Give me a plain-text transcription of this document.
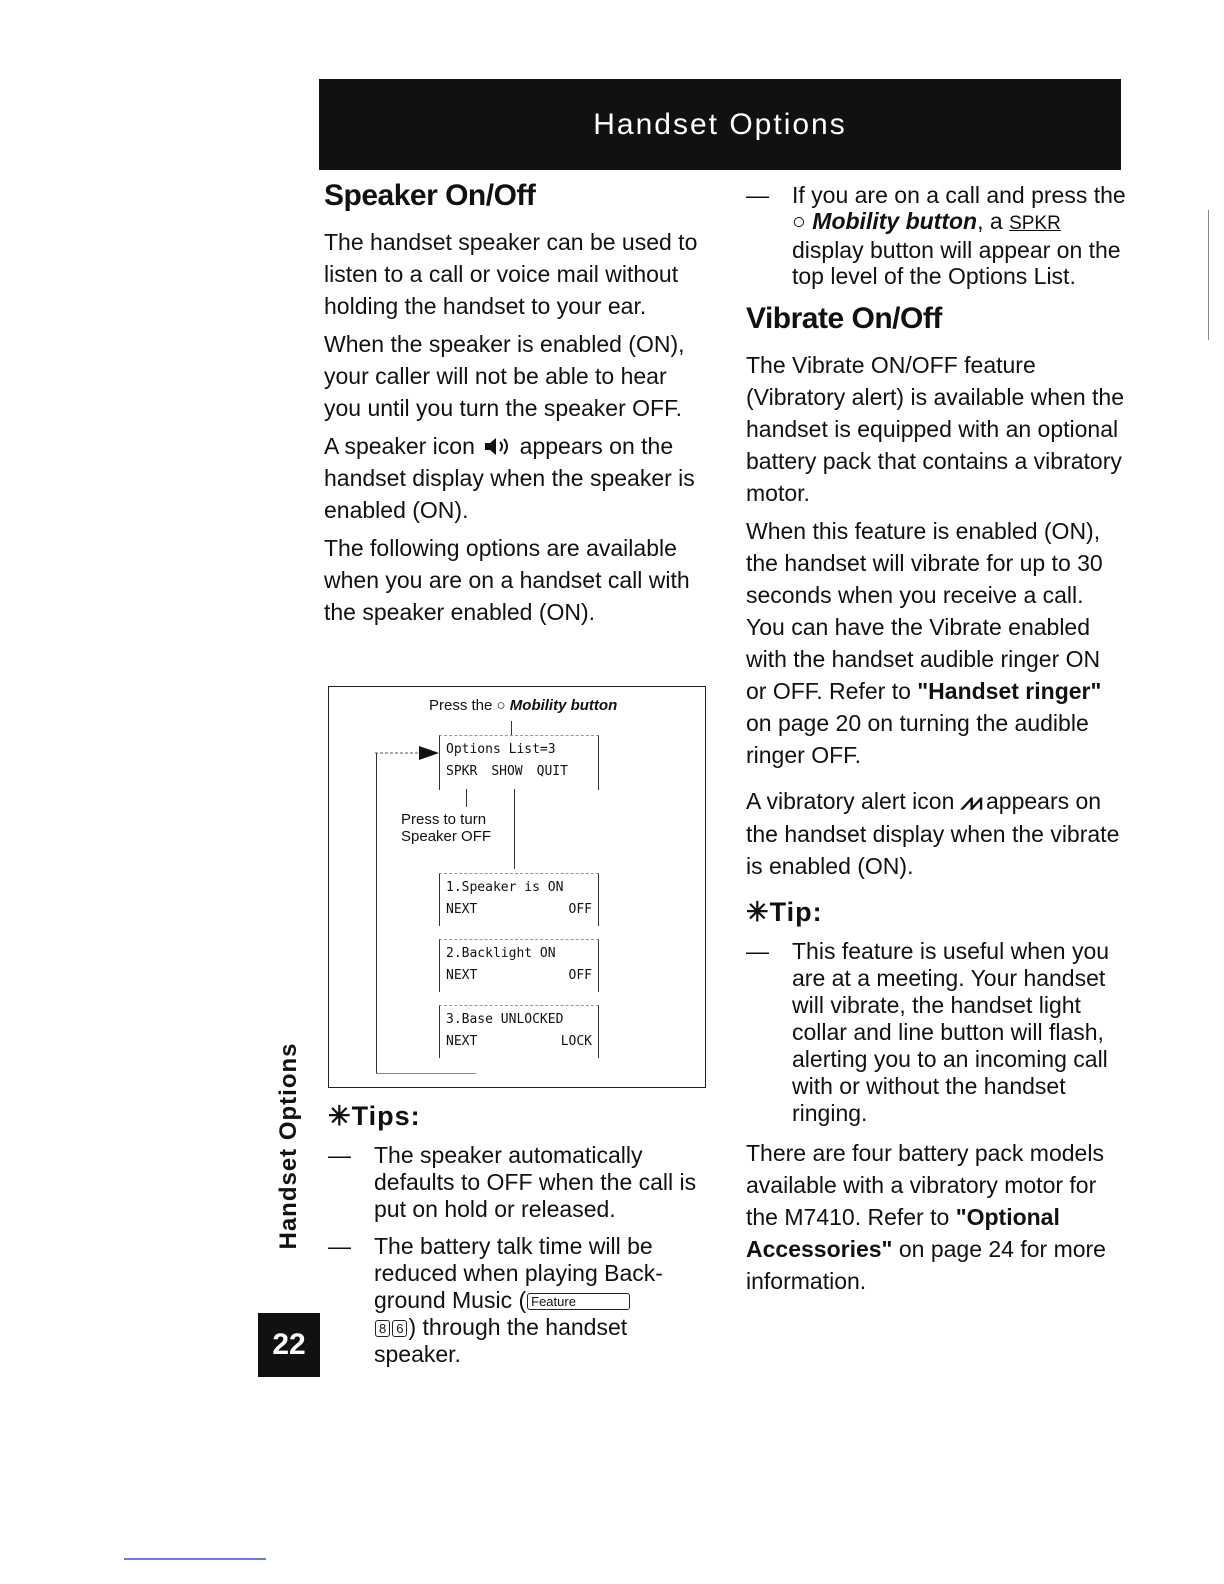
Handset Options
Handset Options
22
Speaker On/Off

The handset speaker can be used to listen to a call or voice mail without holding the handset to your ear.

When the speaker is enabled (ON), your caller will not be able to hear you until you turn the speaker OFF.

A speaker icon appears on the handset display when the speaker is enabled (ON).

The following options are available when you are on a handset call with the speaker enabled (ON).

Press the ○ Mobility button
Options List=3
SPKR SHOW QUIT
Press to turn
Speaker OFF
1.Speaker is ON
NEXT	OFF
2.Backlight ON
NEXT	OFF
3.Base UNLOCKED
NEXT	LOCK
✳Tips:
—	The speaker automatically defaults to OFF when the call is put on hold or released.
—	The battery talk time will be reduced when playing Back-ground Music ( Feature
8 6 ) through the handset speaker.
—	If you are on a call and press the ○ Mobility button, a SPKR display button will appear on the top level of the Options List.
Vibrate On/Off

The Vibrate ON/OFF feature (Vibratory alert) is available when the handset is equipped with an optional battery pack that contains a vibratory motor.

When this feature is enabled (ON), the handset will vibrate for up to 30 seconds when you receive a call. You can have the Vibrate enabled with the handset audible ringer ON or OFF. Refer to "Handset ringer" on page 20 on turning the audible ringer OFF.

A vibratory alert icon ⩘⩘ appears on the handset display when the vibrate is enabled (ON).

✳Tip:
—	This feature is useful when you are at a meeting. Your handset will vibrate, the handset light collar and line button will flash, alerting you to an incoming call with or without the handset ringing.

There are four battery pack models available with a vibratory motor for the M7410. Refer to "Optional Accessories" on page 24 for more information.
